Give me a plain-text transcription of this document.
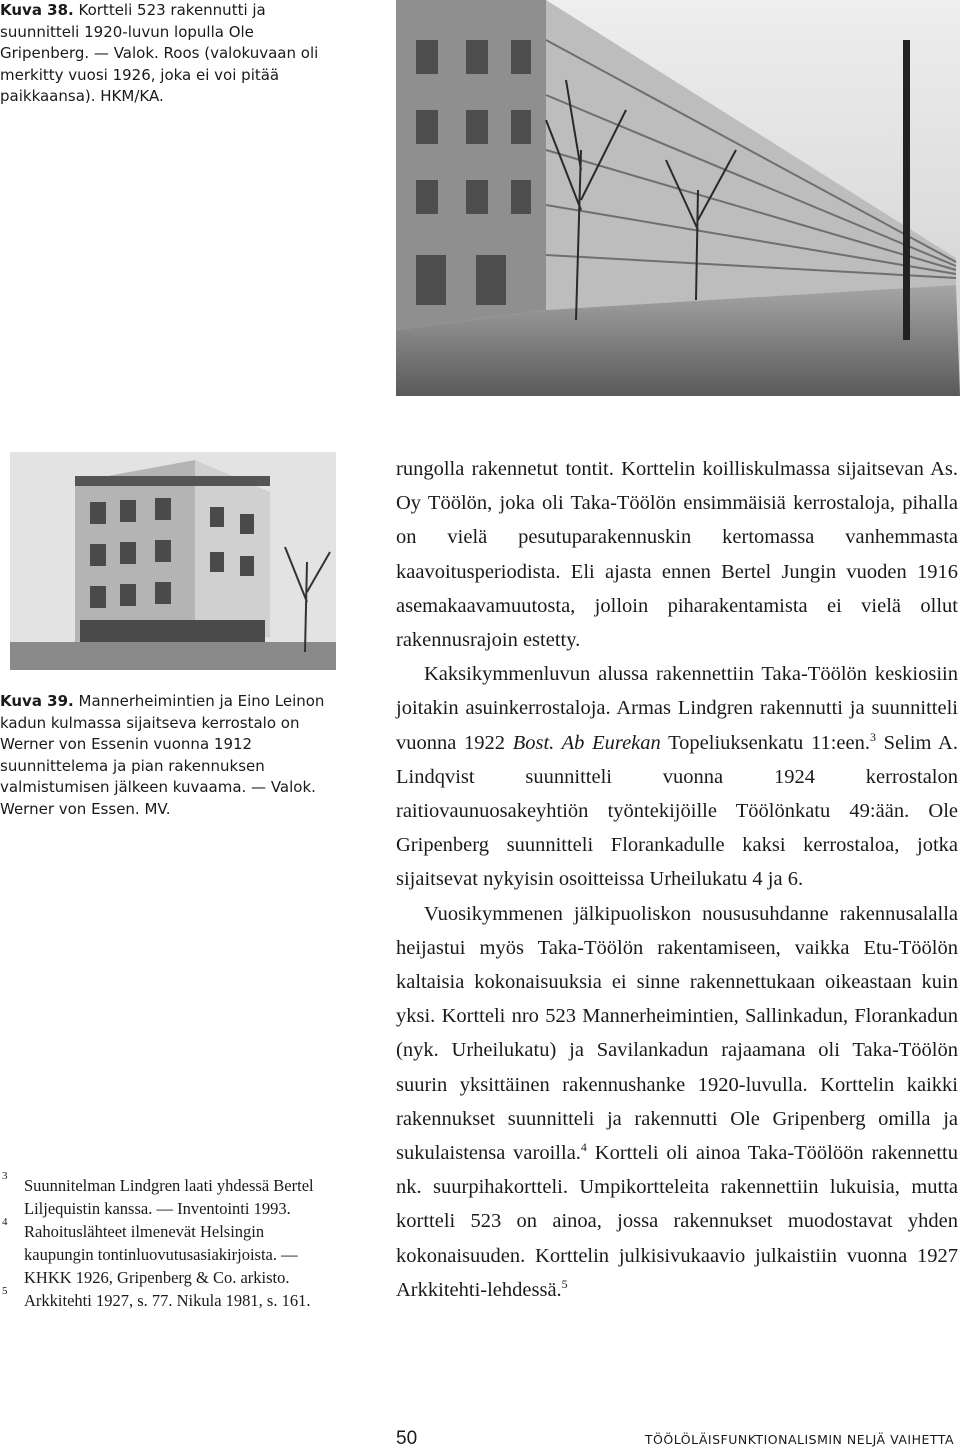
Kuva 38. Kortteli 523 rakennutti ja suunnitteli 1920-luvun lopulla Ole Gripenberg. — Valok. Roos (valokuvaan oli merkitty vuosi 1926, joka ei voi pitää paikkaansa). HKM/KA.
Kuva 39. Mannerheimintien ja Eino Leinon kadun kulmassa sijaitseva kerrostalo on Werner von Essenin vuonna 1912 suunnittelema ja pian rakennuksen valmistumisen jälkeen kuvaama. — Valok. Werner von Essen. MV.
3 Suunnitelman Lindgren laati yhdessä Bertel Liljequistin kanssa. — Inventointi 1993.
4 Rahoituslähteet ilmenevät Helsingin kaupungin tontinluovutusasiakirjoista. — KHKK 1926, Gripenberg & Co. arkisto.
5 Arkkitehti 1927, s. 77. Nikula 1981, s. 161.

rungolla rakennetut tontit. Korttelin koilliskulmassa sijaitsevan As. Oy Töölön, joka oli Taka-Töölön ensimmäisiä kerrostaloja, pihalla on vielä pesutuparakennuskin kertomassa vanhemmasta kaavoitusperiodista. Eli ajasta ennen Bertel Jungin vuoden 1916 asemakaavamuutosta, jolloin piharakentamista ei vielä ollut rakennusrajoin estetty.

Kaksikymmenluvun alussa rakennettiin Taka-Töölön keskiosiin joitakin asuinkerrostaloja. Armas Lindgren rakennutti ja suunnitteli vuonna 1922 Bost. Ab Eurekan Topeliuksenkatu 11:een.$^3$ Selim A. Lindqvist suunnitteli vuonna 1924 kerrostalon raitiovaunuosakeyhtiön työntekijöille Töölönkatu 49:ään. Ole Gripenberg suunnitteli Florankadulle kaksi kerrostaloa, jotka sijaitsevat nykyisin osoitteissa Urheilukatu 4 ja 6.

Vuosikymmenen jälkipuoliskon noususuhdanne rakennusalalla heijastui myös Taka-Töölön rakentamiseen, vaikka Etu-Töölön kaltaisia kokonaisuuksia ei sinne rakennettukaan oikeastaan kuin yksi. Kortteli nro 523 Mannerheimintien, Sallinkadun, Florankadun (nyk. Urheilukatu) ja Savilankadun rajaamana oli Taka-Töölön suurin yksittäinen rakennushanke 1920-luvulla. Korttelin kaikki rakennukset suunnitteli ja rakennutti Ole Gripenberg omilla ja sukulaistensa varoilla.$^4$ Kortteli oli ainoa Taka-Töölöön rakennettu nk. suurpihakortteli. Umpikortteleita rakennettiin lukuisia, mutta kortteli 523 on ainoa, jossa rakennukset muodostavat yhden kokonaisuuden. Korttelin julkisivukaavio julkaistiin vuonna 1927 Arkkitehti-lehdessä.$^5$

50	TÖÖLÖLÄISFUNKTIONALISMIN NELJÄ VAIHETTA
